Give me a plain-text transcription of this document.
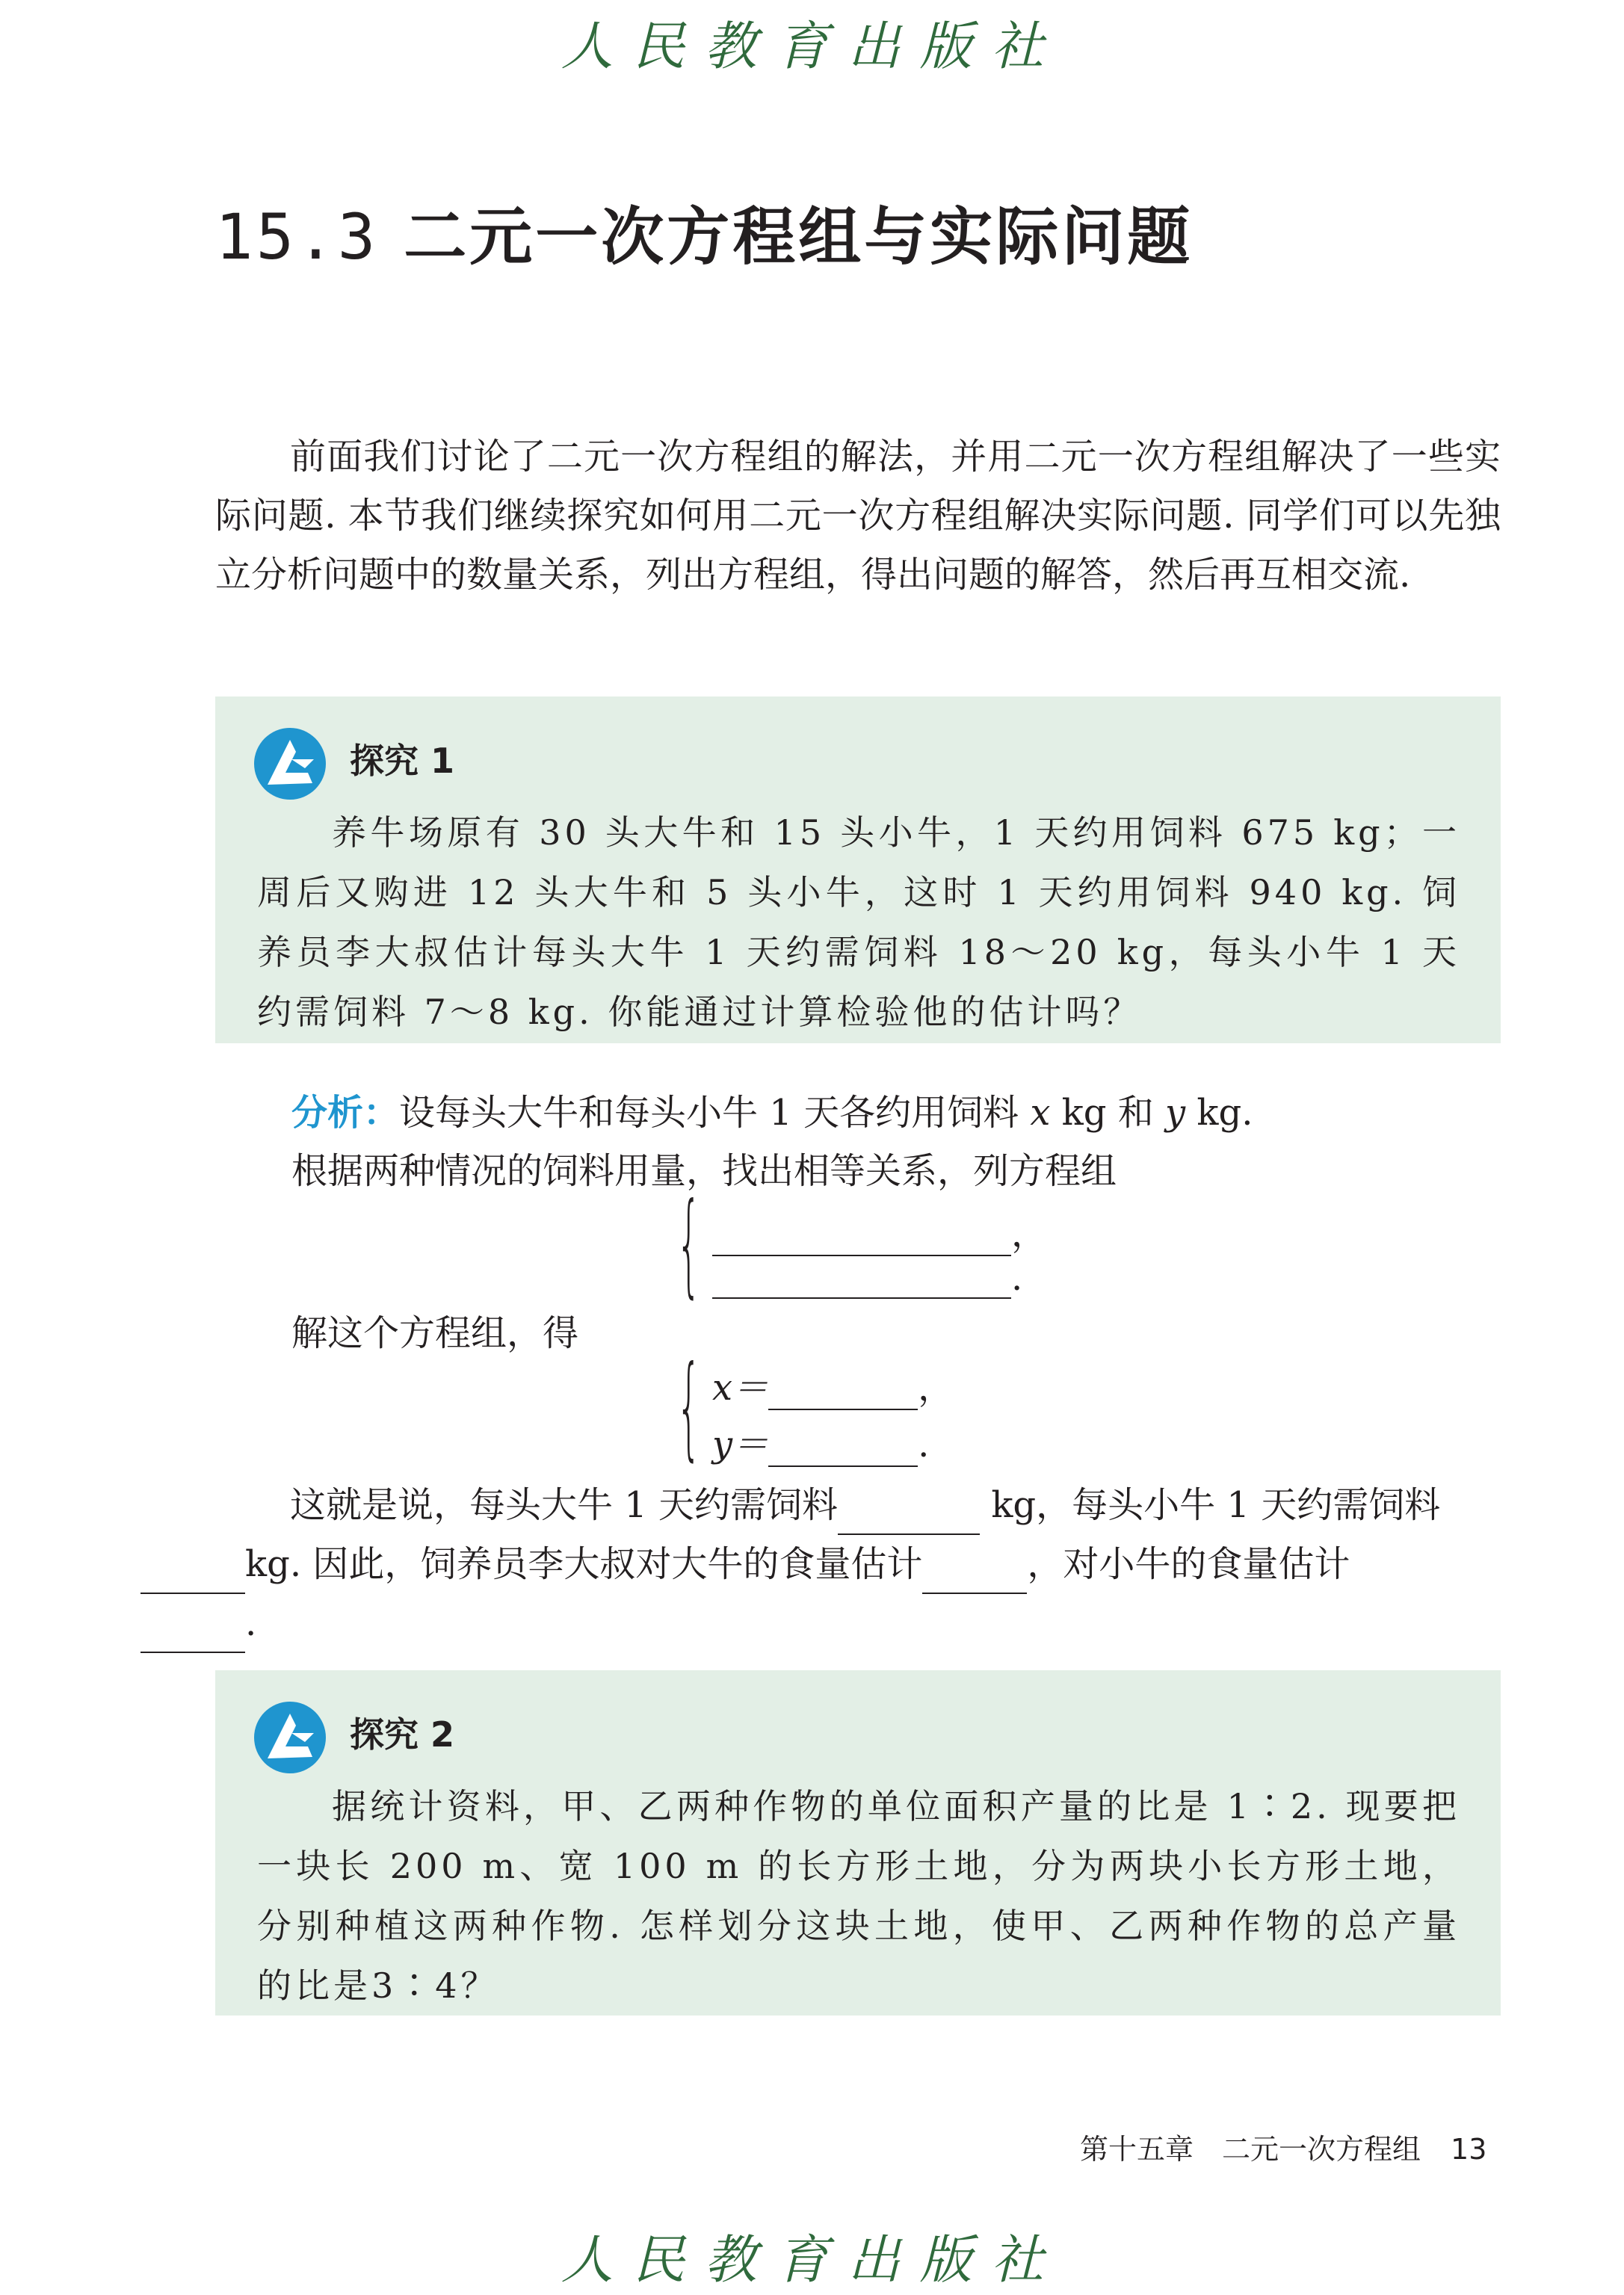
人民教育出版社
15.3 二元一次方程组与实际问题

前面我们讨论了二元一次方程组的解法，并用二元一次方程组解决了一些实际问题. 本节我们继续探究如何用二元一次方程组解决实际问题. 同学们可以先独立分析问题中的数量关系，列出方程组，得出问题的解答，然后再互相交流.

探究 1

养牛场原有 30 头大牛和 15 头小牛，1 天约用饲料 675 kg；一周后又购进 12 头大牛和 5 头小牛，这时 1 天约用饲料 940 kg. 饲养员李大叔估计每头大牛 1 天约需饲料 18～20 kg，每头小牛 1 天约需饲料 7～8 kg. 你能通过计算检验他的估计吗？

分析：设每头大牛和每头小牛 1 天各约用饲料 x kg 和 y kg.
根据两种情况的饲料用量，找出相等关系，列方程组
{	，
.
解这个方程组，得
{ x＝	，
y＝	.

这就是说，每头大牛 1 天约需饲料	kg，每头小牛 1 天约需饲料
kg. 因此，饲养员李大叔对大牛的食量估计	，对小牛的食量估计
.

探究 2

据统计资料，甲、乙两种作物的单位面积产量的比是 1∶2. 现要把一块长 200 m、宽 100 m 的长方形土地，分为两块小长方形土地，分别种植这两种作物. 怎样划分这块土地，使甲、乙两种作物的总产量的比是3∶4？

第十五章　二元一次方程组 13
人民教育出版社
